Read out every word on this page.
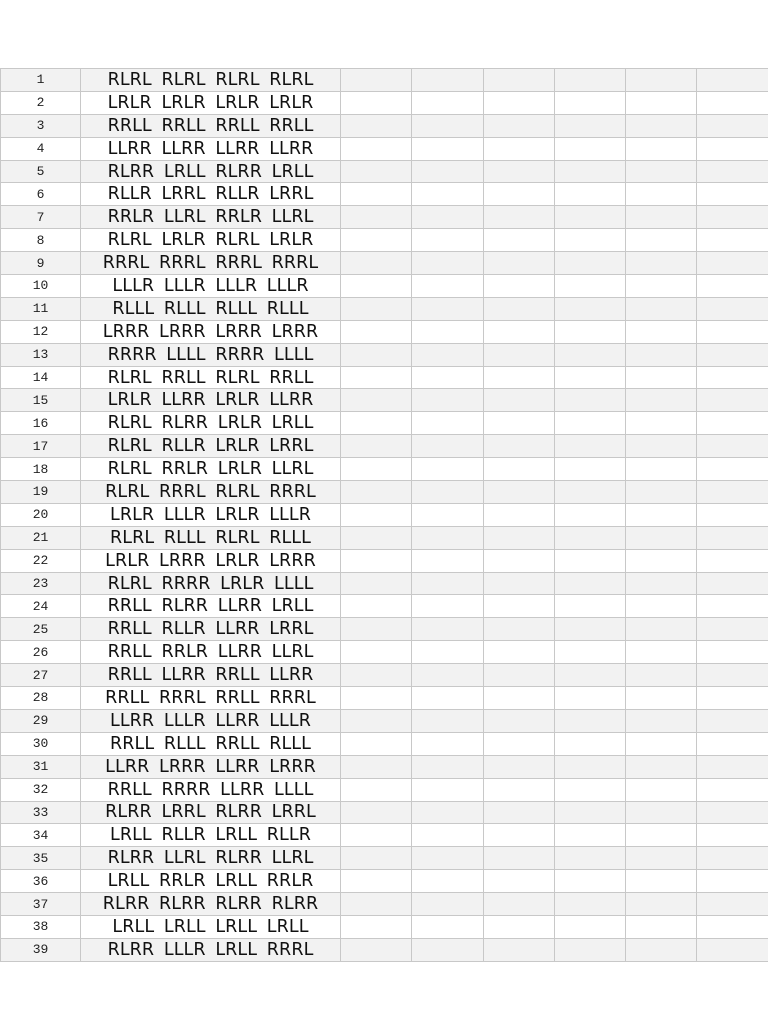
1	RLRL RLRL RLRL RLRL						
2	LRLR LRLR LRLR LRLR						
3	RRLL RRLL RRLL RRLL						
4	LLRR LLRR LLRR LLRR						
5	RLRR LRLL RLRR LRLL						
6	RLLR LRRL RLLR LRRL						
7	RRLR LLRL RRLR LLRL						
8	RLRL LRLR RLRL LRLR						
9	RRRL RRRL RRRL RRRL						
10	LLLR LLLR LLLR LLLR						
11	RLLL RLLL RLLL RLLL						
12	LRRR LRRR LRRR LRRR						
13	RRRR LLLL RRRR LLLL						
14	RLRL RRLL RLRL RRLL						
15	LRLR LLRR LRLR LLRR						
16	RLRL RLRR LRLR LRLL						
17	RLRL RLLR LRLR LRRL						
18	RLRL RRLR LRLR LLRL						
19	RLRL RRRL RLRL RRRL						
20	LRLR LLLR LRLR LLLR						
21	RLRL RLLL RLRL RLLL						
22	LRLR LRRR LRLR LRRR						
23	RLRL RRRR LRLR LLLL						
24	RRLL RLRR LLRR LRLL						
25	RRLL RLLR LLRR LRRL						
26	RRLL RRLR LLRR LLRL						
27	RRLL LLRR RRLL LLRR						
28	RRLL RRRL RRLL RRRL						
29	LLRR LLLR LLRR LLLR						
30	RRLL RLLL RRLL RLLL						
31	LLRR LRRR LLRR LRRR						
32	RRLL RRRR LLRR LLLL						
33	RLRR LRRL RLRR LRRL						
34	LRLL RLLR LRLL RLLR						
35	RLRR LLRL RLRR LLRL						
36	LRLL RRLR LRLL RRLR						
37	RLRR RLRR RLRR RLRR						
38	LRLL LRLL LRLL LRLL						
39	RLRR LLLR LRLL RRRL						
